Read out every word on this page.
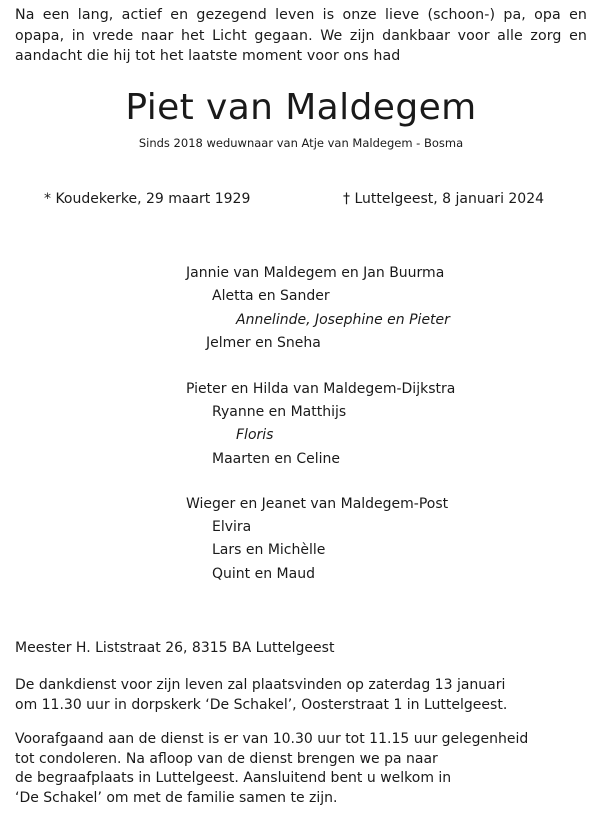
Na een lang, actief en gezegend leven is onze lieve (schoon-) pa, opa en opapa, in vrede naar het Licht gegaan. We zijn dankbaar voor alle zorg en aandacht die hij tot het laatste moment voor ons had
Piet van Maldegem
Sinds 2018 weduwnaar van Atje van Maldegem - Bosma
* Koudekerke, 29 maart 1929	† Luttelgeest, 8 januari 2024
Jannie van Maldegem en Jan Buurma
Aletta en Sander
Annelinde, Josephine en Pieter
Jelmer en Sneha
Pieter en Hilda van Maldegem-Dijkstra
Ryanne en Matthijs
Floris
Maarten en Celine
Wieger en Jeanet van Maldegem-Post
Elvira
Lars en Michèlle
Quint en Maud
Meester H. Liststraat 26, 8315 BA Luttelgeest
De dankdienst voor zijn leven zal plaatsvinden op zaterdag 13 januari
om 11.30 uur in dorpskerk ‘De Schakel’, Oosterstraat 1 in Luttelgeest.
Voorafgaand aan de dienst is er van 10.30 uur tot 11.15 uur gelegenheid
tot condoleren. Na afloop van de dienst brengen we pa naar
de begraafplaats in Luttelgeest. Aansluitend bent u welkom in
‘De Schakel’ om met de familie samen te zijn.
